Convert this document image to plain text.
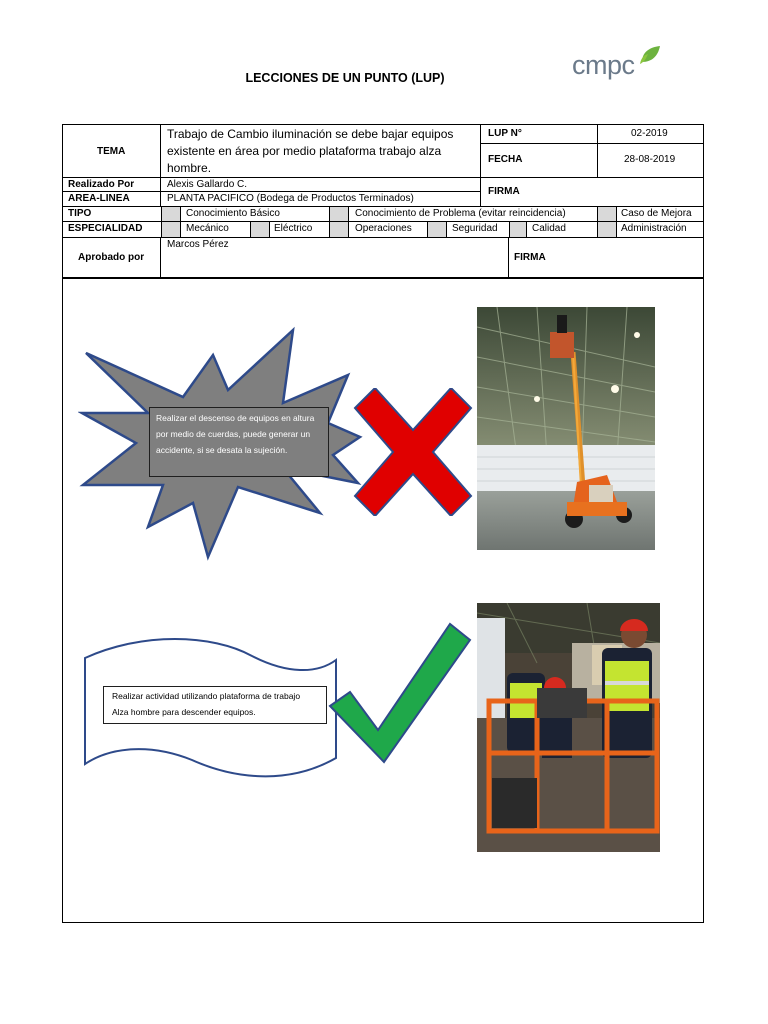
LECCIONES DE UN PUNTO (LUP)	cmpc
TEMA
Trabajo de Cambio iluminación se debe bajar equipos existente en área por medio plataforma trabajo alza hombre.
LUP N°	02-2019
FECHA	28-08-2019
Realizado Por	Alexis Gallardo C.
AREA-LINEA	PLANTA PACIFICO (Bodega de Productos Terminados)
FIRMA
TIPO	Conocimiento Básico	Conocimiento de Problema (evitar reincidencia)	Caso de Mejora
ESPECIALIDAD	Mecánico	Eléctrico	Operaciones	Seguridad	Calidad	Administración
Aprobado por
Marcos Pérez
FIRMA
Realizar el descenso de equipos en altura por medio de cuerdas, puede generar un accidente, si se desata la sujeción.
Realizar actividad utilizando plataforma de trabajo Alza hombre para descender equipos.
